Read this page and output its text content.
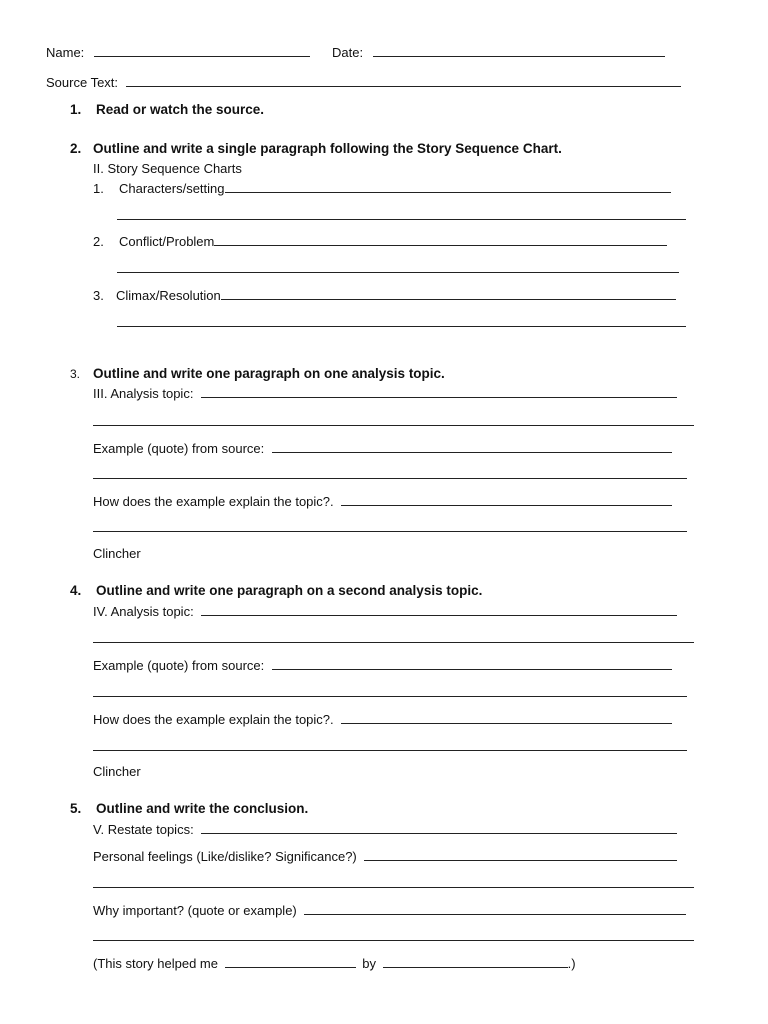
Name:	Date:
Source Text:
1. Read or watch the source.
2. Outline and write a single paragraph following the Story Sequence Chart.
II. Story Sequence Charts
1. Characters/setting
2. Conflict/Problem
3. Climax/Resolution
3. Outline and write one paragraph on one analysis topic.
III. Analysis topic:
Example (quote) from source:
How does the example explain the topic?.
Clincher
4. Outline and write one paragraph on a second analysis topic.
IV. Analysis topic:
Example (quote) from source:
How does the example explain the topic?.
Clincher
5. Outline and write the conclusion.
V. Restate topics:
Personal feelings (Like/dislike? Significance?)
Why important? (quote or example)
(This story helped me	by	.)
